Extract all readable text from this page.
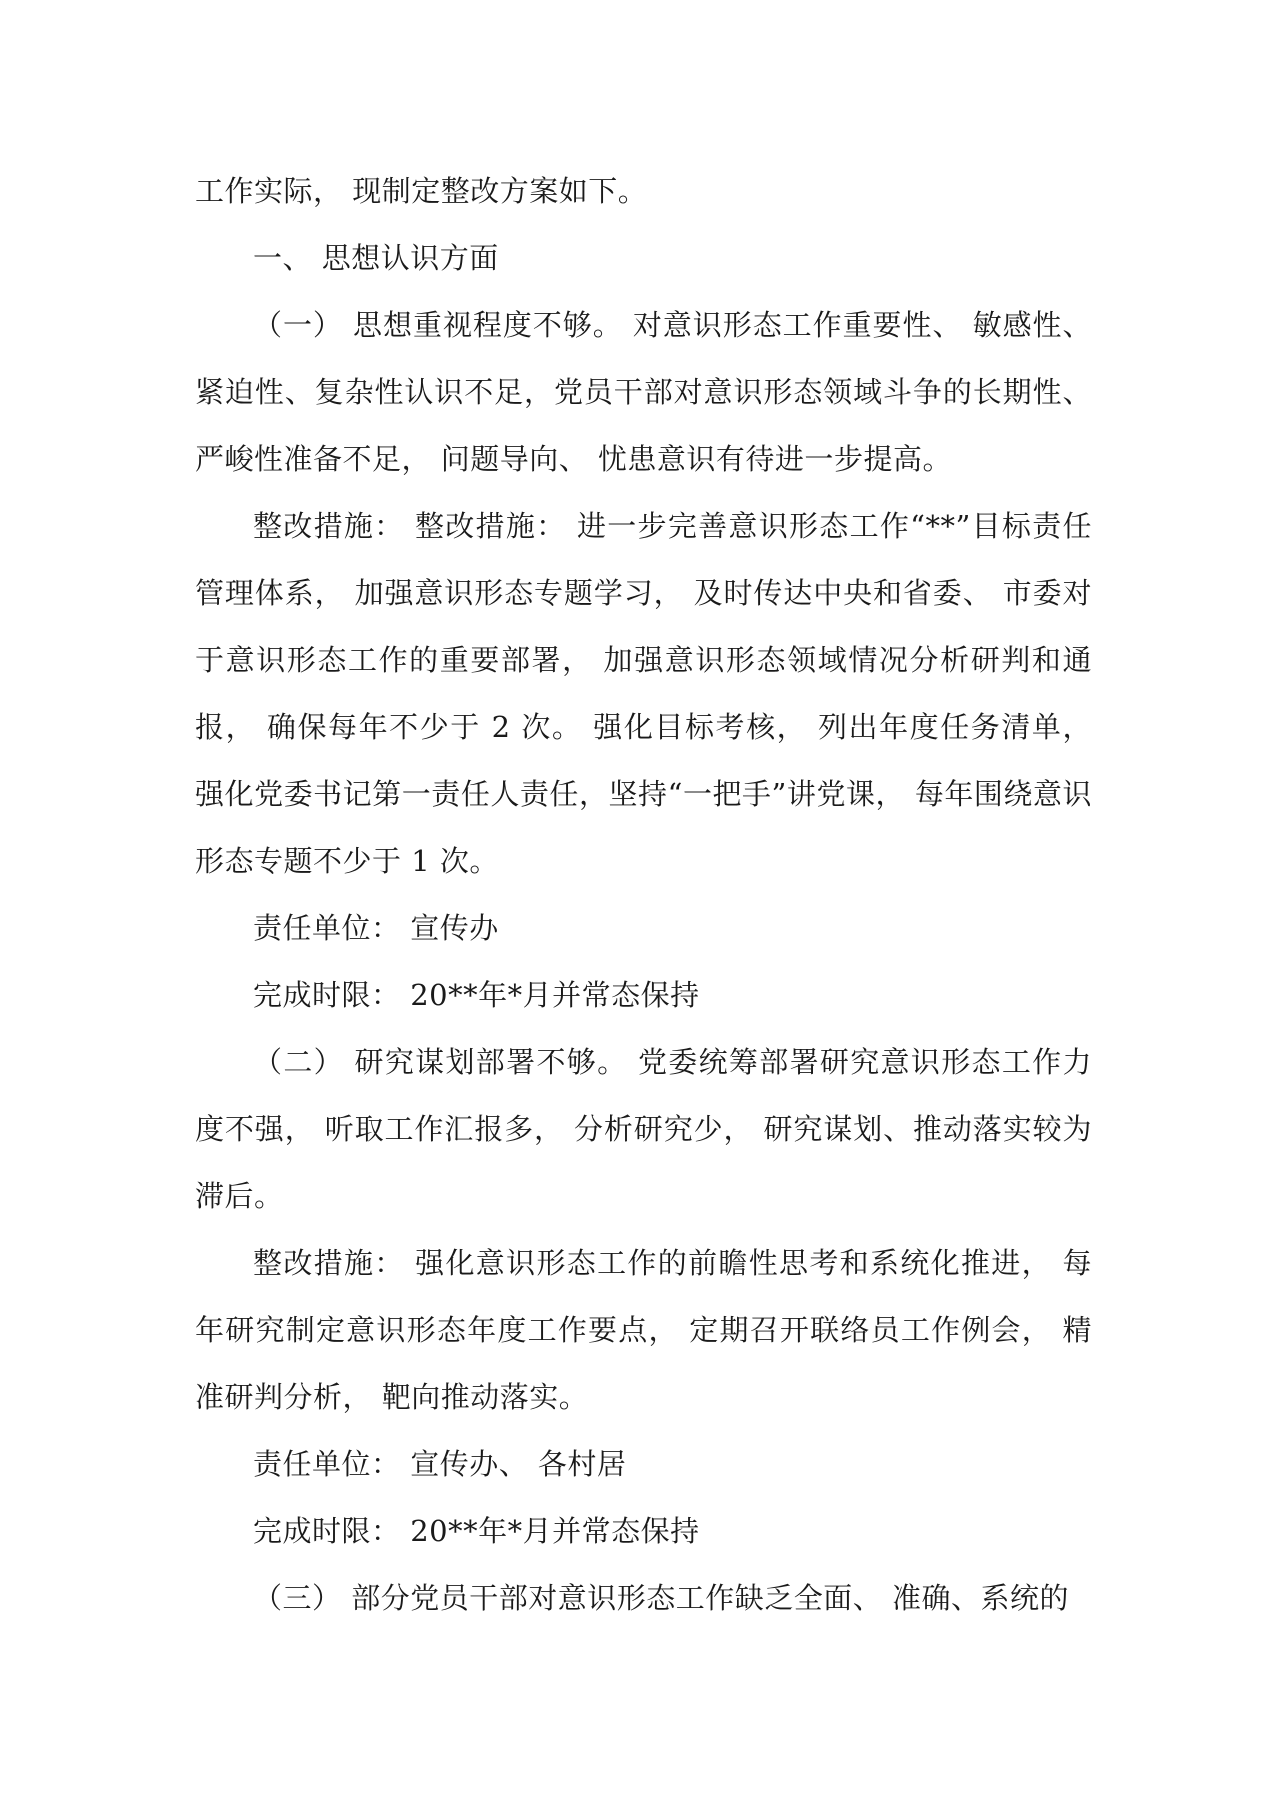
工作实际， 现制定整改方案如下。

一、 思想认识方面

（一） 思想重视程度不够。 对意识形态工作重要性、 敏感性、紧迫性、复杂性认识不足，党员干部对意识形态领域斗争的长期性、严峻性准备不足， 问题导向、 忧患意识有待进一步提高。

整改措施： 整改措施： 进一步完善意识形态工作“**”目标责任管理体系， 加强意识形态专题学习， 及时传达中央和省委、 市委对于意识形态工作的重要部署， 加强意识形态领域情况分析研判和通报， 确保每年不少于 2 次。 强化目标考核， 列出年度任务清单， 强化党委书记第一责任人责任，坚持“一把手”讲党课， 每年围绕意识形态专题不少于 1 次。

责任单位： 宣传办

完成时限： 20**年*月并常态保持

（二） 研究谋划部署不够。 党委统筹部署研究意识形态工作力度不强， 听取工作汇报多， 分析研究少， 研究谋划、推动落实较为滞后。

整改措施： 强化意识形态工作的前瞻性思考和系统化推进， 每年研究制定意识形态年度工作要点， 定期召开联络员工作例会， 精准研判分析， 靶向推动落实。

责任单位： 宣传办、 各村居

完成时限： 20**年*月并常态保持

（三） 部分党员干部对意识形态工作缺乏全面、 准确、系统的
